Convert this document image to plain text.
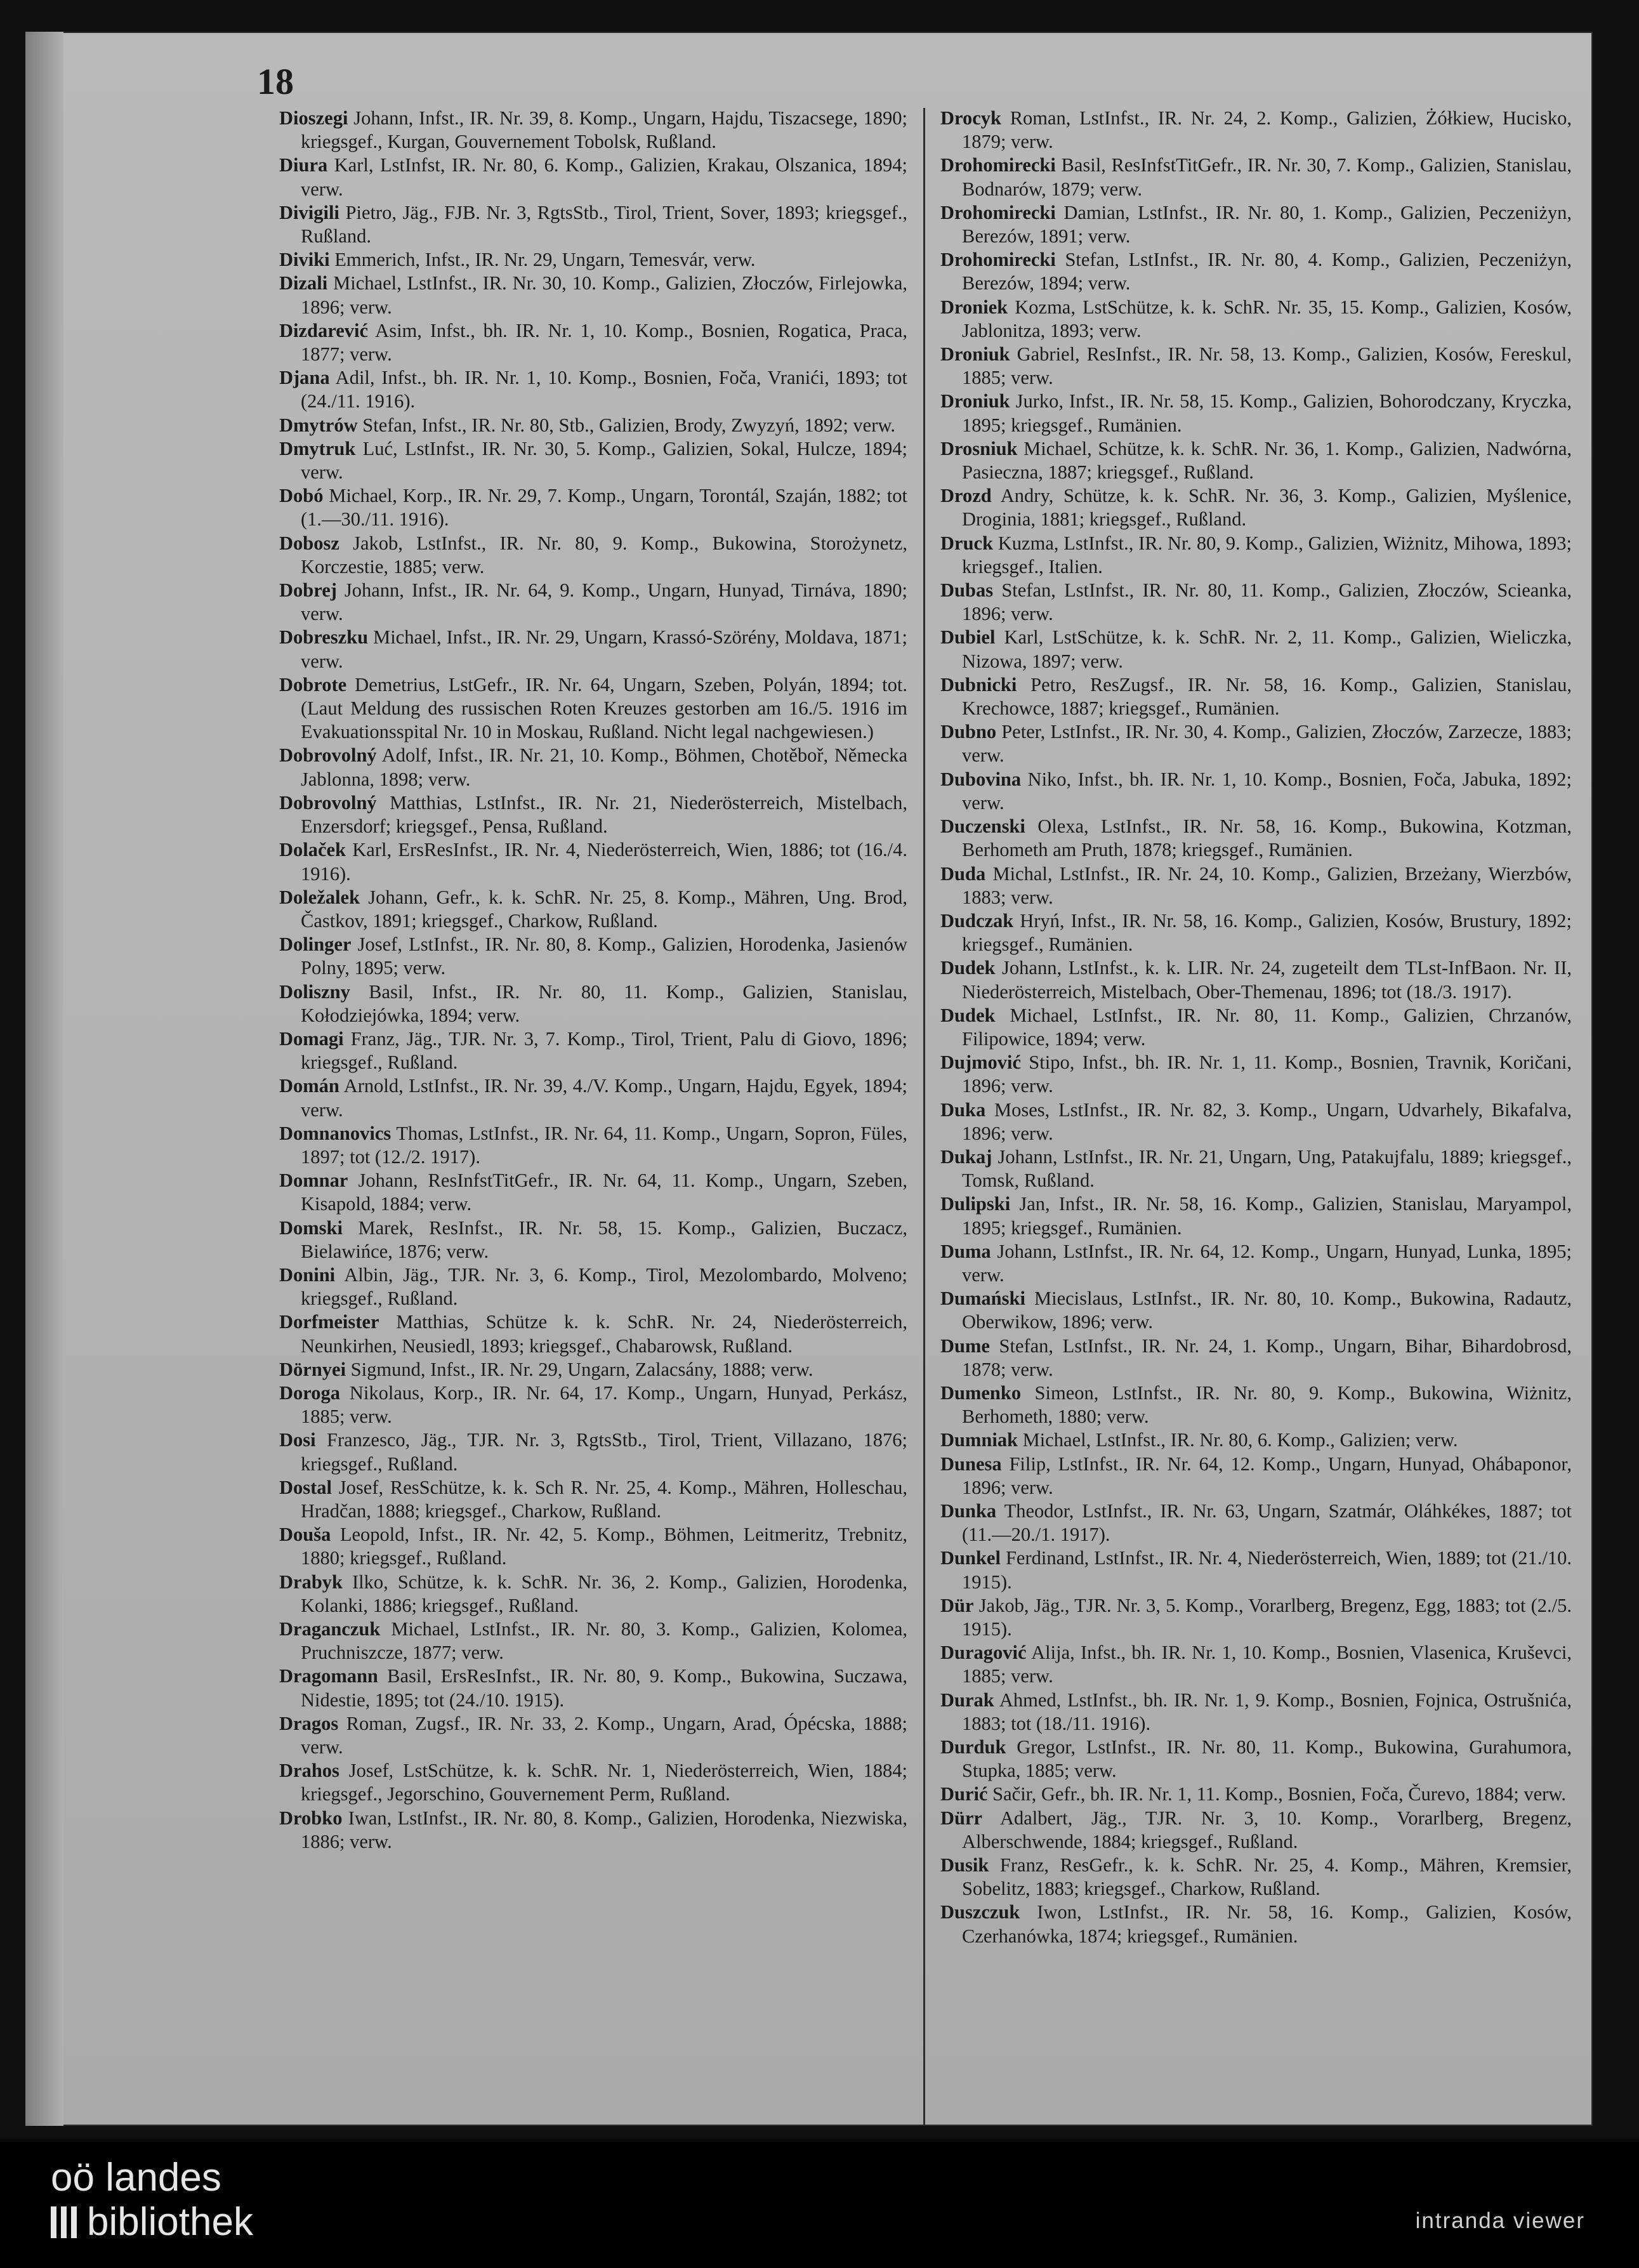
18

Dioszegi Johann, Infst., IR. Nr. 39, 8. Komp., Ungarn, Hajdu, Tiszacsege, 1890; kriegsgef., Kurgan, Gouvernement Tobolsk, Rußland.

Diura Karl, LstInfst, IR. Nr. 80, 6. Komp., Galizien, Krakau, Olszanica, 1894; verw.

Divigili Pietro, Jäg., FJB. Nr. 3, RgtsStb., Tirol, Trient, Sover, 1893; kriegsgef., Rußland.

Diviki Emmerich, Infst., IR. Nr. 29, Ungarn, Temesvár, verw.

Dizali Michael, LstInfst., IR. Nr. 30, 10. Komp., Galizien, Złoczów, Firlejowka, 1896; verw.

Dizdarević Asim, Infst., bh. IR. Nr. 1, 10. Komp., Bosnien, Rogatica, Praca, 1877; verw.

Djana Adil, Infst., bh. IR. Nr. 1, 10. Komp., Bosnien, Foča, Vranići, 1893; tot (24./11. 1916).

Dmytrów Stefan, Infst., IR. Nr. 80, Stb., Galizien, Brody, Zwyzyń, 1892; verw.

Dmytruk Luć, LstInfst., IR. Nr. 30, 5. Komp., Galizien, Sokal, Hulcze, 1894; verw.

Dobó Michael, Korp., IR. Nr. 29, 7. Komp., Ungarn, Torontál, Szaján, 1882; tot (1.—30./11. 1916).

Dobosz Jakob, LstInfst., IR. Nr. 80, 9. Komp., Bukowina, Storożynetz, Korczestie, 1885; verw.

Dobrej Johann, Infst., IR. Nr. 64, 9. Komp., Ungarn, Hunyad, Tirnáva, 1890; verw.

Dobreszku Michael, Infst., IR. Nr. 29, Ungarn, Krassó-Szörény, Moldava, 1871; verw.

Dobrote Demetrius, LstGefr., IR. Nr. 64, Ungarn, Szeben, Polyán, 1894; tot. (Laut Meldung des russischen Roten Kreuzes gestorben am 16./5. 1916 im Evakuationsspital Nr. 10 in Moskau, Rußland. Nicht legal nachgewiesen.)

Dobrovolný Adolf, Infst., IR. Nr. 21, 10. Komp., Böhmen, Chotěboř, Německa Jablonna, 1898; verw.

Dobrovolný Matthias, LstInfst., IR. Nr. 21, Niederösterreich, Mistelbach, Enzersdorf; kriegsgef., Pensa, Rußland.

Dolaček Karl, ErsResInfst., IR. Nr. 4, Niederösterreich, Wien, 1886; tot (16./4. 1916).

Doležalek Johann, Gefr., k. k. SchR. Nr. 25, 8. Komp., Mähren, Ung. Brod, Častkov, 1891; kriegsgef., Charkow, Rußland.

Dolinger Josef, LstInfst., IR. Nr. 80, 8. Komp., Galizien, Horodenka, Jasienów Polny, 1895; verw.

Doliszny Basil, Infst., IR. Nr. 80, 11. Komp., Galizien, Stanislau, Kołodziejówka, 1894; verw.

Domagi Franz, Jäg., TJR. Nr. 3, 7. Komp., Tirol, Trient, Palu di Giovo, 1896; kriegsgef., Rußland.

Domán Arnold, LstInfst., IR. Nr. 39, 4./V. Komp., Ungarn, Hajdu, Egyek, 1894; verw.

Domnanovics Thomas, LstInfst., IR. Nr. 64, 11. Komp., Ungarn, Sopron, Füles, 1897; tot (12./2. 1917).

Domnar Johann, ResInfstTitGefr., IR. Nr. 64, 11. Komp., Ungarn, Szeben, Kisapold, 1884; verw.

Domski Marek, ResInfst., IR. Nr. 58, 15. Komp., Galizien, Buczacz, Bielawińce, 1876; verw.

Donini Albin, Jäg., TJR. Nr. 3, 6. Komp., Tirol, Mezolombardo, Molveno; kriegsgef., Rußland.

Dorfmeister Matthias, Schütze k. k. SchR. Nr. 24, Niederösterreich, Neunkirhen, Neusiedl, 1893; kriegsgef., Chabarowsk, Rußland.

Dörnyei Sigmund, Infst., IR. Nr. 29, Ungarn, Zalacsány, 1888; verw.

Doroga Nikolaus, Korp., IR. Nr. 64, 17. Komp., Ungarn, Hunyad, Perkász, 1885; verw.

Dosi Franzesco, Jäg., TJR. Nr. 3, RgtsStb., Tirol, Trient, Villazano, 1876; kriegsgef., Rußland.

Dostal Josef, ResSchütze, k. k. Sch R. Nr. 25, 4. Komp., Mähren, Holleschau, Hradčan, 1888; kriegsgef., Charkow, Rußland.

Douša Leopold, Infst., IR. Nr. 42, 5. Komp., Böhmen, Leitmeritz, Trebnitz, 1880; kriegsgef., Rußland.

Drabyk Ilko, Schütze, k. k. SchR. Nr. 36, 2. Komp., Galizien, Horodenka, Kolanki, 1886; kriegsgef., Rußland.

Draganczuk Michael, LstInfst., IR. Nr. 80, 3. Komp., Galizien, Kolomea, Pruchniszcze, 1877; verw.

Dragomann Basil, ErsResInfst., IR. Nr. 80, 9. Komp., Bukowina, Suczawa, Nidestie, 1895; tot (24./10. 1915).

Dragos Roman, Zugsf., IR. Nr. 33, 2. Komp., Ungarn, Arad, Ópécska, 1888; verw.

Drahos Josef, LstSchütze, k. k. SchR. Nr. 1, Niederösterreich, Wien, 1884; kriegsgef., Jegorschino, Gouvernement Perm, Rußland.

Drobko Iwan, LstInfst., IR. Nr. 80, 8. Komp., Galizien, Horodenka, Niezwiska, 1886; verw.

Drocyk Roman, LstInfst., IR. Nr. 24, 2. Komp., Galizien, Żółkiew, Hucisko, 1879; verw.

Drohomirecki Basil, ResInfstTitGefr., IR. Nr. 30, 7. Komp., Galizien, Stanislau, Bodnarów, 1879; verw.

Drohomirecki Damian, LstInfst., IR. Nr. 80, 1. Komp., Galizien, Peczeniżyn, Berezów, 1891; verw.

Drohomirecki Stefan, LstInfst., IR. Nr. 80, 4. Komp., Galizien, Peczeniżyn, Berezów, 1894; verw.

Droniek Kozma, LstSchütze, k. k. SchR. Nr. 35, 15. Komp., Galizien, Kosów, Jablonitza, 1893; verw.

Droniuk Gabriel, ResInfst., IR. Nr. 58, 13. Komp., Galizien, Kosów, Fereskul, 1885; verw.

Droniuk Jurko, Infst., IR. Nr. 58, 15. Komp., Galizien, Bohorodczany, Kryczka, 1895; kriegsgef., Rumänien.

Drosniuk Michael, Schütze, k. k. SchR. Nr. 36, 1. Komp., Galizien, Nadwórna, Pasieczna, 1887; kriegsgef., Rußland.

Drozd Andry, Schütze, k. k. SchR. Nr. 36, 3. Komp., Galizien, Myślenice, Droginia, 1881; kriegsgef., Rußland.

Druck Kuzma, LstInfst., IR. Nr. 80, 9. Komp., Galizien, Wiżnitz, Mihowa, 1893; kriegsgef., Italien.

Dubas Stefan, LstInfst., IR. Nr. 80, 11. Komp., Galizien, Złoczów, Scieanka, 1896; verw.

Dubiel Karl, LstSchütze, k. k. SchR. Nr. 2, 11. Komp., Galizien, Wieliczka, Nizowa, 1897; verw.

Dubnicki Petro, ResZugsf., IR. Nr. 58, 16. Komp., Galizien, Stanislau, Krechowce, 1887; kriegsgef., Rumänien.

Dubno Peter, LstInfst., IR. Nr. 30, 4. Komp., Galizien, Złoczów, Zarzecze, 1883; verw.

Dubovina Niko, Infst., bh. IR. Nr. 1, 10. Komp., Bosnien, Foča, Jabuka, 1892; verw.

Duczenski Olexa, LstInfst., IR. Nr. 58, 16. Komp., Bukowina, Kotzman, Berhometh am Pruth, 1878; kriegsgef., Rumänien.

Duda Michal, LstInfst., IR. Nr. 24, 10. Komp., Galizien, Brzeżany, Wierzbów, 1883; verw.

Dudczak Hryń, Infst., IR. Nr. 58, 16. Komp., Galizien, Kosów, Brustury, 1892; kriegsgef., Rumänien.

Dudek Johann, LstInfst., k. k. LIR. Nr. 24, zugeteilt dem TLst-InfBaon. Nr. II, Niederösterreich, Mistelbach, Ober-Themenau, 1896; tot (18./3. 1917).

Dudek Michael, LstInfst., IR. Nr. 80, 11. Komp., Galizien, Chrzanów, Filipowice, 1894; verw.

Dujmović Stipo, Infst., bh. IR. Nr. 1, 11. Komp., Bosnien, Travnik, Koričani, 1896; verw.

Duka Moses, LstInfst., IR. Nr. 82, 3. Komp., Ungarn, Udvarhely, Bikafalva, 1896; verw.

Dukaj Johann, LstInfst., IR. Nr. 21, Ungarn, Ung, Patakujfalu, 1889; kriegsgef., Tomsk, Rußland.

Dulipski Jan, Infst., IR. Nr. 58, 16. Komp., Galizien, Stanislau, Maryampol, 1895; kriegsgef., Rumänien.

Duma Johann, LstInfst., IR. Nr. 64, 12. Komp., Ungarn, Hunyad, Lunka, 1895; verw.

Dumański Miecislaus, LstInfst., IR. Nr. 80, 10. Komp., Bukowina, Radautz, Oberwikow, 1896; verw.

Dume Stefan, LstInfst., IR. Nr. 24, 1. Komp., Ungarn, Bihar, Bihardobrosd, 1878; verw.

Dumenko Simeon, LstInfst., IR. Nr. 80, 9. Komp., Bukowina, Wiżnitz, Berhometh, 1880; verw.

Dumniak Michael, LstInfst., IR. Nr. 80, 6. Komp., Galizien; verw.

Dunesa Filip, LstInfst., IR. Nr. 64, 12. Komp., Ungarn, Hunyad, Ohábaponor, 1896; verw.

Dunka Theodor, LstInfst., IR. Nr. 63, Ungarn, Szatmár, Oláhkékes, 1887; tot (11.—20./1. 1917).

Dunkel Ferdinand, LstInfst., IR. Nr. 4, Niederösterreich, Wien, 1889; tot (21./10. 1915).

Dür Jakob, Jäg., TJR. Nr. 3, 5. Komp., Vorarlberg, Bregenz, Egg, 1883; tot (2./5. 1915).

Duragović Alija, Infst., bh. IR. Nr. 1, 10. Komp., Bosnien, Vlasenica, Kruševci, 1885; verw.

Durak Ahmed, LstInfst., bh. IR. Nr. 1, 9. Komp., Bosnien, Fojnica, Ostrušnića, 1883; tot (18./11. 1916).

Durduk Gregor, LstInfst., IR. Nr. 80, 11. Komp., Bukowina, Gurahumora, Stupka, 1885; verw.

Durić Sačir, Gefr., bh. IR. Nr. 1, 11. Komp., Bosnien, Foča, Čurevo, 1884; verw.

Dürr Adalbert, Jäg., TJR. Nr. 3, 10. Komp., Vorarlberg, Bregenz, Alberschwende, 1884; kriegsgef., Rußland.

Dusik Franz, ResGefr., k. k. SchR. Nr. 25, 4. Komp., Mähren, Kremsier, Sobelitz, 1883; kriegsgef., Charkow, Rußland.

Duszczuk Iwon, LstInfst., IR. Nr. 58, 16. Komp., Galizien, Kosów, Czerhanówka, 1874; kriegsgef., Rumänien.

oö landes
bibliothek	intranda viewer
